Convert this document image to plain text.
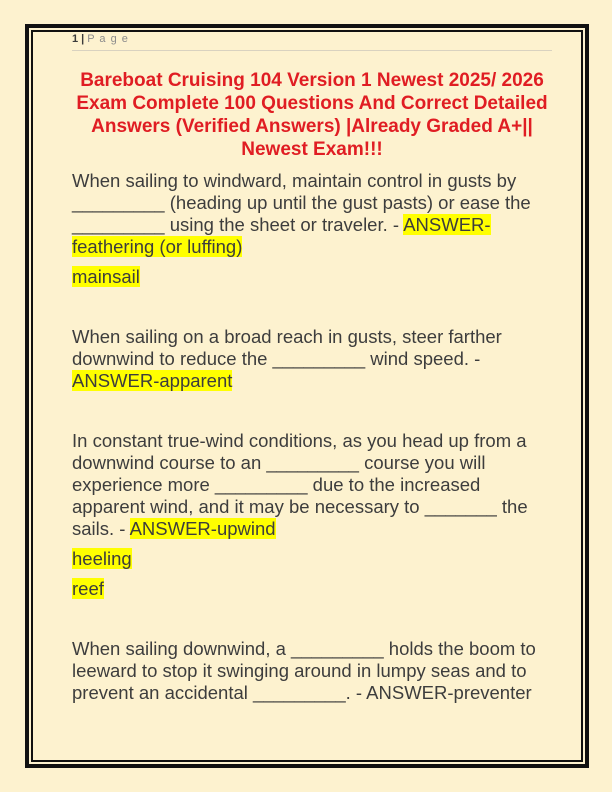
1 | P a g e
Bareboat Cruising 104 Version 1 Newest 2025/ 2026
Exam Complete 100 Questions And Correct Detailed
Answers (Verified Answers) |Already Graded A+||
Newest Exam!!!
When sailing to windward, maintain control in gusts by
_________ (heading up until the gust pasts) or ease the
_________ using the sheet or traveler. - ANSWER-
feathering (or luffing)
mainsail
When sailing on a broad reach in gusts, steer farther
downwind to reduce the _________ wind speed. -
ANSWER-apparent
In constant true-wind conditions, as you head up from a
downwind course to an _________ course you will
experience more _________ due to the increased
apparent wind, and it may be necessary to _______ the
sails. - ANSWER-upwind
heeling
reef
When sailing downwind, a _________ holds the boom to
leeward to stop it swinging around in lumpy seas and to
prevent an accidental _________. - ANSWER-preventer
